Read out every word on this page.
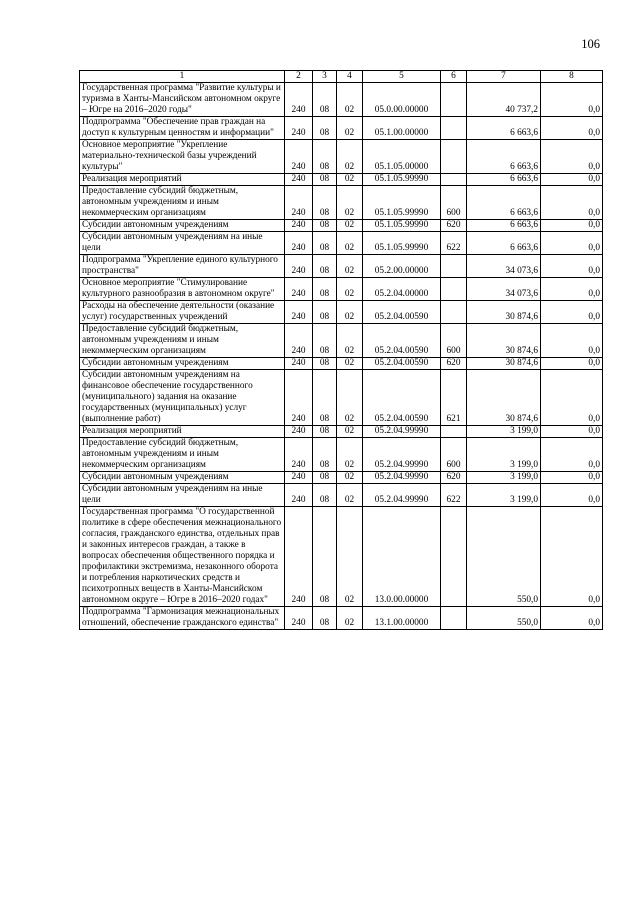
106
1	2	3	4	5	6	7	8
Государственная программа "Развитие культуры и туризма в Ханты-Мансийском автономном округе – Югре на 2016–2020 годы"	240	08	02	05.0.00.00000		40 737,2	0,0
Подпрограмма "Обеспечение прав граждан на доступ к культурным ценностям и информации"	240	08	02	05.1.00.00000		6 663,6	0,0
Основное мероприятие "Укрепление материально-технической базы учреждений культуры"	240	08	02	05.1.05.00000		6 663,6	0,0
Реализация мероприятий	240	08	02	05.1.05.99990		6 663,6	0,0
Предоставление субсидий бюджетным, автономным учреждениям и иным некоммерческим организациям	240	08	02	05.1.05.99990	600	6 663,6	0,0
Субсидии автономным учреждениям	240	08	02	05.1.05.99990	620	6 663,6	0,0
Субсидии автономным учреждениям на иные цели	240	08	02	05.1.05.99990	622	6 663,6	0,0
Подпрограмма "Укрепление единого культурного пространства"	240	08	02	05.2.00.00000		34 073,6	0,0
Основное мероприятие "Стимулирование культурного разнообразия в автономном округе"	240	08	02	05.2.04.00000		34 073,6	0,0
Расходы на обеспечение деятельности (оказание услуг) государственных учреждений	240	08	02	05.2.04.00590		30 874,6	0,0
Предоставление субсидий бюджетным, автономным учреждениям и иным некоммерческим организациям	240	08	02	05.2.04.00590	600	30 874,6	0,0
Субсидии автономным учреждениям	240	08	02	05.2.04.00590	620	30 874,6	0,0
Субсидии автономным учреждениям на финансовое обеспечение государственного (муниципального) задания на оказание государственных (муниципальных) услуг (выполнение работ)	240	08	02	05.2.04.00590	621	30 874,6	0,0
Реализация мероприятий	240	08	02	05.2.04.99990		3 199,0	0,0
Предоставление субсидий бюджетным, автономным учреждениям и иным некоммерческим организациям	240	08	02	05.2.04.99990	600	3 199,0	0,0
Субсидии автономным учреждениям	240	08	02	05.2.04.99990	620	3 199,0	0,0
Субсидии автономным учреждениям на иные цели	240	08	02	05.2.04.99990	622	3 199,0	0,0
Государственная программа "О государственной политике в сфере обеспечения межнационального согласия, гражданского единства, отдельных прав и законных интересов граждан, а также в вопросах обеспечения общественного порядка и профилактики экстремизма, незаконного оборота и потребления наркотических средств и психотропных веществ в Ханты-Мансийском автономном округе – Югре в 2016–2020 годах"	240	08	02	13.0.00.00000		550,0	0,0
Подпрограмма "Гармонизация межнациональных отношений, обеспечение гражданского единства"	240	08	02	13.1.00.00000		550,0	0,0
